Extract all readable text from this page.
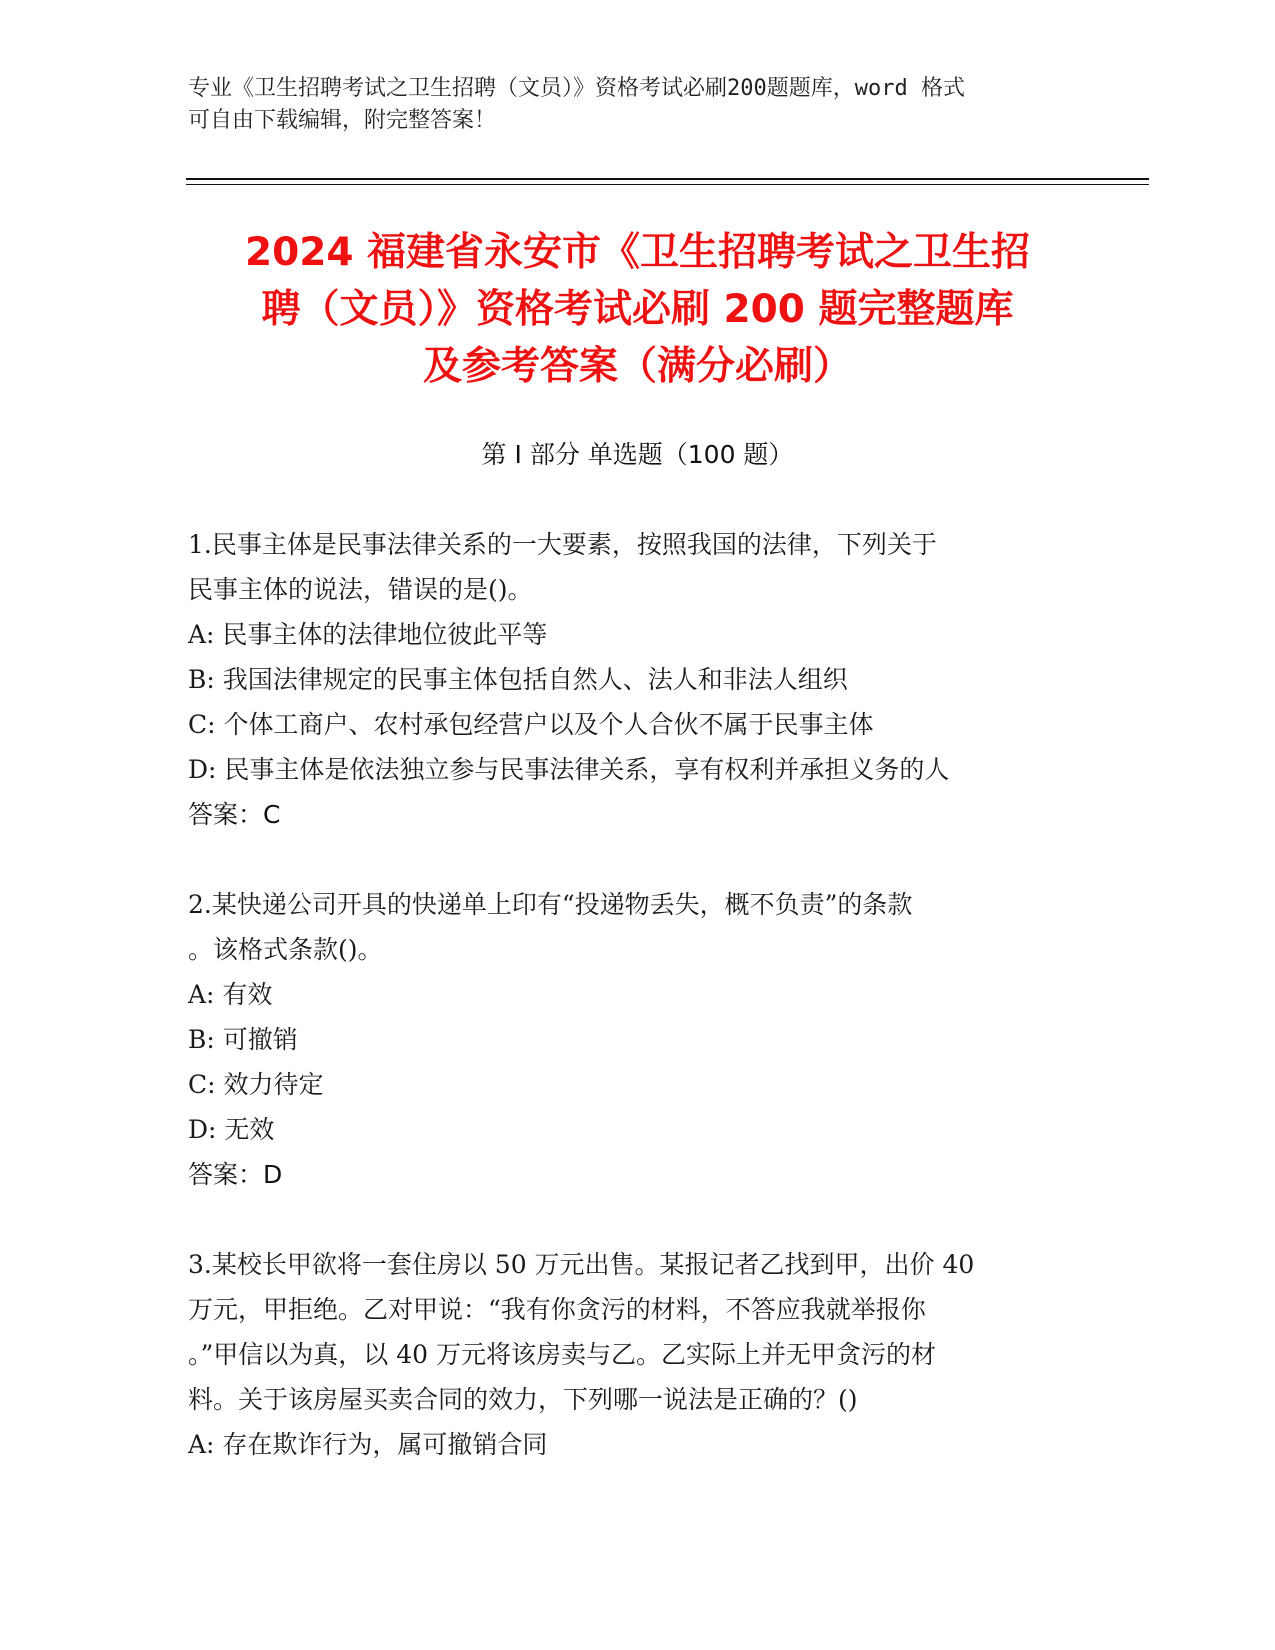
专业《卫生招聘考试之卫生招聘（文员）》资格考试必刷200题题库，word 格式

可自由下载编辑，附完整答案！

2024 福建省永安市《卫生招聘考试之卫生招
聘（文员）》资格考试必刷 200 题完整题库
及参考答案（满分必刷）
第 I 部分 单选题（100 题）
1.民事主体是民事法律关系的一大要素，按照我国的法律，下列关于
民事主体的说法，错误的是()。
A: 民事主体的法律地位彼此平等
B: 我国法律规定的民事主体包括自然人、法人和非法人组织
C: 个体工商户、农村承包经营户以及个人合伙不属于民事主体
D: 民事主体是依法独立参与民事法律关系，享有权利并承担义务的人
答案：C
2.某快递公司开具的快递单上印有“投递物丢失，概不负责”的条款
。该格式条款()。
A: 有效
B: 可撤销
C: 效力待定
D: 无效
答案：D
3.某校长甲欲将一套住房以 50 万元出售。某报记者乙找到甲，出价 40
万元，甲拒绝。乙对甲说：“我有你贪污的材料，不答应我就举报你
。”甲信以为真，以 40 万元将该房卖与乙。乙实际上并无甲贪污的材
料。关于该房屋买卖合同的效力，下列哪一说法是正确的？()
A: 存在欺诈行为，属可撤销合同
